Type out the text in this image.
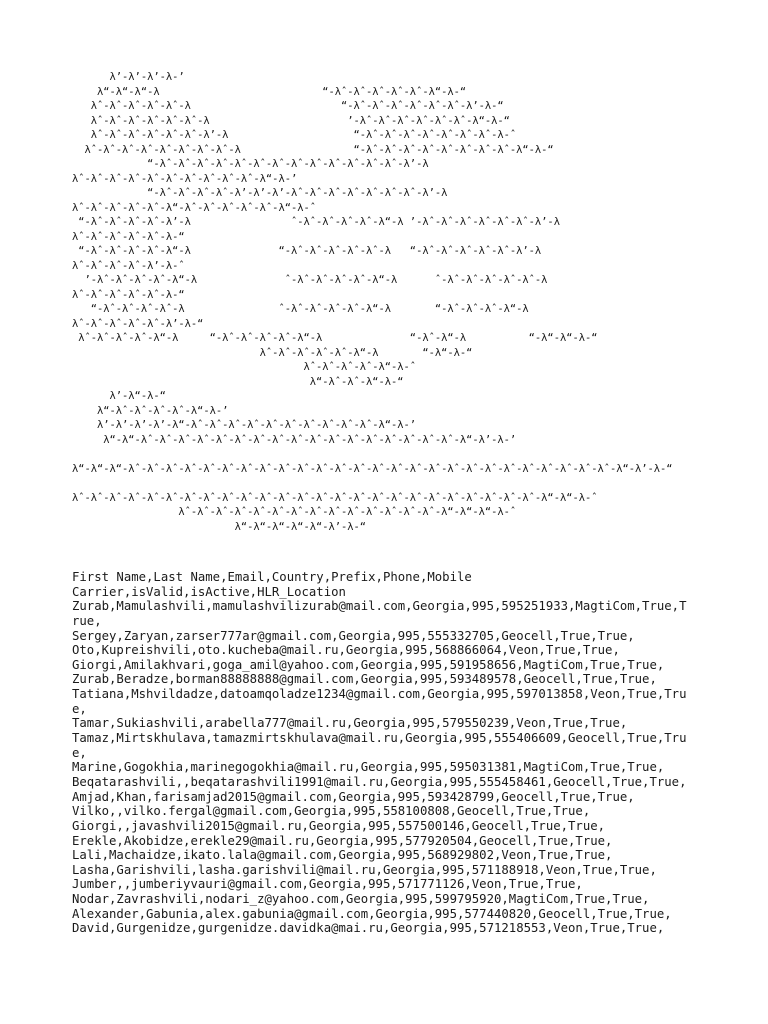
λ’-λ’-λ’-λ-’
λ“-λ“-λ“-λ                          “-λˆ-λˆ-λˆ-λˆ-λˆ-λ“-λ-“
λˆ-λˆ-λˆ-λˆ-λˆ-λ                        “-λˆ-λˆ-λˆ-λˆ-λˆ-λˆ-λ’-λ-“
λˆ-λˆ-λˆ-λˆ-λˆ-λˆ-λ                      ’-λˆ-λˆ-λˆ-λˆ-λˆ-λˆ-λ“-λ-“
λˆ-λˆ-λˆ-λˆ-λˆ-λˆ-λ’-λ                    “-λˆ-λˆ-λˆ-λˆ-λˆ-λˆ-λˆ-λ-ˆ
λˆ-λˆ-λˆ-λˆ-λˆ-λˆ-λˆ-λˆ-λ                  “-λˆ-λˆ-λˆ-λˆ-λˆ-λˆ-λˆ-λˆ-λ“-λ-“
“-λˆ-λˆ-λˆ-λˆ-λˆ-λˆ-λˆ-λˆ-λˆ-λˆ-λˆ-λˆ-λˆ-λ’-λ
λˆ-λˆ-λˆ-λˆ-λˆ-λˆ-λˆ-λˆ-λˆ-λˆ-λ“-λ-’
“-λˆ-λˆ-λˆ-λˆ-λ’-λ’-λ’-λˆ-λˆ-λˆ-λˆ-λˆ-λˆ-λˆ-λ’-λ
λˆ-λˆ-λˆ-λˆ-λˆ-λ“-λˆ-λˆ-λˆ-λˆ-λˆ-λ“-λ-ˆ
“-λˆ-λˆ-λˆ-λˆ-λ’-λ                ˆ-λˆ-λˆ-λˆ-λˆ-λ“-λ ’-λˆ-λˆ-λˆ-λˆ-λˆ-λˆ-λ’-λ
λˆ-λˆ-λˆ-λˆ-λˆ-λ-“
“-λˆ-λˆ-λˆ-λˆ-λ“-λ              “-λˆ-λˆ-λˆ-λˆ-λˆ-λ   “-λˆ-λˆ-λˆ-λˆ-λˆ-λ’-λ
λˆ-λˆ-λˆ-λˆ-λ’-λ-ˆ
’-λˆ-λˆ-λˆ-λˆ-λ“-λ              ˆ-λˆ-λˆ-λˆ-λˆ-λ“-λ      ˆ-λˆ-λˆ-λˆ-λˆ-λˆ-λ
λˆ-λˆ-λˆ-λˆ-λˆ-λ-“
“-λˆ-λˆ-λˆ-λˆ-λ               ˆ-λˆ-λˆ-λˆ-λˆ-λ“-λ       “-λˆ-λˆ-λˆ-λ“-λ
λˆ-λˆ-λˆ-λˆ-λˆ-λ’-λ-“
λˆ-λˆ-λˆ-λˆ-λ“-λ     “-λˆ-λˆ-λˆ-λˆ-λ“-λ              “-λˆ-λ“-λ          “-λ“-λ“-λ-“
λˆ-λˆ-λˆ-λˆ-λˆ-λ“-λ       “-λ“-λ-“
λˆ-λˆ-λˆ-λˆ-λ“-λ-ˆ
λ“-λˆ-λˆ-λ“-λ-“
λ’-λ“-λ-“
λ“-λˆ-λˆ-λˆ-λˆ-λ“-λ-’
λ’-λ’-λ’-λ’-λ“-λˆ-λˆ-λˆ-λˆ-λˆ-λˆ-λˆ-λˆ-λˆ-λˆ-λ“-λ-’
λ“-λ“-λˆ-λˆ-λˆ-λˆ-λˆ-λˆ-λˆ-λˆ-λˆ-λˆ-λˆ-λˆ-λˆ-λˆ-λˆ-λˆ-λˆ-λ“-λ’-λ-’
λ“-λ“-λ“-λˆ-λˆ-λˆ-λˆ-λˆ-λˆ-λˆ-λˆ-λˆ-λˆ-λˆ-λˆ-λˆ-λˆ-λˆ-λˆ-λˆ-λˆ-λˆ-λˆ-λˆ-λˆ-λˆ-λˆ-λˆ-λˆ-λ“-λ’-λ-“
λˆ-λˆ-λˆ-λˆ-λˆ-λˆ-λˆ-λˆ-λˆ-λˆ-λˆ-λˆ-λˆ-λˆ-λˆ-λˆ-λˆ-λˆ-λˆ-λˆ-λˆ-λˆ-λˆ-λˆ-λˆ-λ“-λ“-λ-ˆ
λˆ-λˆ-λˆ-λˆ-λˆ-λˆ-λˆ-λˆ-λˆ-λˆ-λˆ-λˆ-λˆ-λˆ-λ“-λ“-λ“-λ-ˆ
λ“-λ“-λ“-λ“-λ“-λ’-λ-“
First Name,Last Name,Email,Country,Prefix,Phone,Mobile
Carrier,isValid,isActive,HLR_Location
Zurab,Mamulashvili,mamulashvilizurab@mail.com,Georgia,995,595251933,MagtiCom,True,T
rue,
Sergey,Zaryan,zarser777ar@gmail.com,Georgia,995,555332705,Geocell,True,True,
Oto,Kupreishvili,oto.kucheba@mail.ru,Georgia,995,568866064,Veon,True,True,
Giorgi,Amilakhvari,goga_amil@yahoo.com,Georgia,995,591958656,MagtiCom,True,True,
Zurab,Beradze,borman88888888@gmail.com,Georgia,995,593489578,Geocell,True,True,
Tatiana,Mshvildadze,datoamqoladze1234@gmail.com,Georgia,995,597013858,Veon,True,Tru
e,
Tamar,Sukiashvili,arabella777@mail.ru,Georgia,995,579550239,Veon,True,True,
Tamaz,Mirtskhulava,tamazmirtskhulava@mail.ru,Georgia,995,555406609,Geocell,True,Tru
e,
Marine,Gogokhia,marinegogokhia@mail.ru,Georgia,995,595031381,MagtiCom,True,True,
Beqatarashvili,,beqatarashvili1991@mail.ru,Georgia,995,555458461,Geocell,True,True,
Amjad,Khan,farisamjad2015@gmail.com,Georgia,995,593428799,Geocell,True,True,
Vilko,,vilko.fergal@gmail.com,Georgia,995,558100808,Geocell,True,True,
Giorgi,,javashvili2015@gmail.ru,Georgia,995,557500146,Geocell,True,True,
Erekle,Akobidze,erekle29@mail.ru,Georgia,995,577920504,Geocell,True,True,
Lali,Machaidze,ikato.lala@gmail.com,Georgia,995,568929802,Veon,True,True,
Lasha,Garishvili,lasha.garishvili@mail.ru,Georgia,995,571188918,Veon,True,True,
Jumber,,jumberiyvauri@gmail.com,Georgia,995,571771126,Veon,True,True,
Nodar,Zavrashvili,nodari_z@yahoo.com,Georgia,995,599795920,MagtiCom,True,True,
Alexander,Gabunia,alex.gabunia@gmail.com,Georgia,995,577440820,Geocell,True,True,
David,Gurgenidze,gurgenidze.davidka@mai.ru,Georgia,995,571218553,Veon,True,True,
